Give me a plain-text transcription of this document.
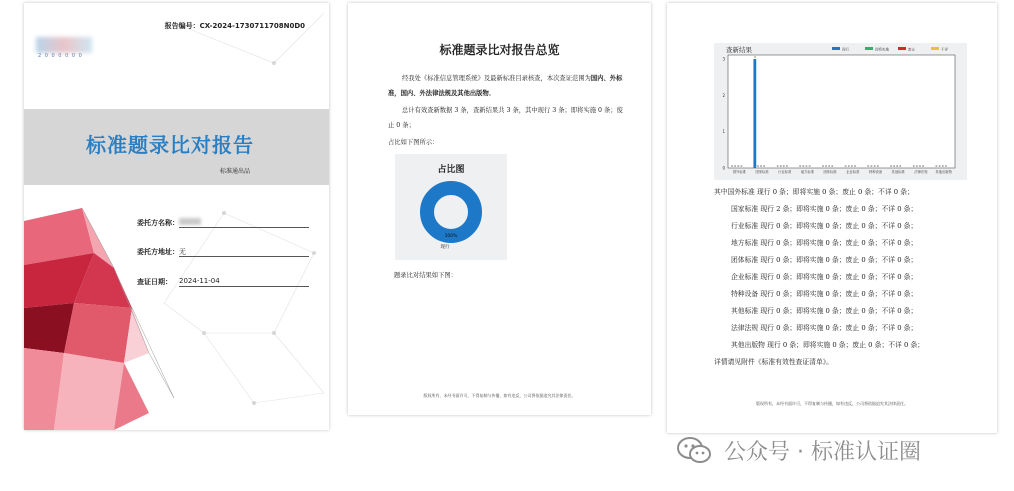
报告编号：CX-2024-1730711708N0D0
2 0 0 0 0 0 0
标准题录比对报告
标准通出品
委托方名称：
委托方地址： 无
查证日期： 2024-11-04
标准题录比对报告总览
经我处《标准信息管理系统》及最新标准目录核查，本次查证范围为国内、外标准，国内、外法律法规及其他出版物。
总计有效查新数据 3 条，查新结果共 3 条，其中现行 3 条；即将实施 0 条；废止 0 条；
占比如下图所示：
占比图
100%
现行
题录比对结果如下图：
版权所有，未经书面许可，不得复制与传播，如有违反，公司将依据追究其法律责任。
查新结果	现行	即将实施	废止	不详
0
1
2
3
0 0 0 0
国外标准
3
0 0 0
国家标准
0 0 0 0
行业标准
0 0 0 0
地方标准
0 0 0 0
团体标准
0 0 0 0
企业标准
0 0 0 0
特种设备
0 0 0 0
其他标准
0 0 0 0
法律法规
0 0 0 0
其他出版物
其中国外标准 现行 0 条；即将实施 0 条；废止 0 条；不详 0 条；
国家标准 现行 2 条；即将实施 0 条；废止 0 条；不详 0 条；
行业标准 现行 0 条；即将实施 0 条；废止 0 条；不详 0 条；
地方标准 现行 0 条；即将实施 0 条；废止 0 条；不详 0 条；
团体标准 现行 0 条；即将实施 0 条；废止 0 条；不详 0 条；
企业标准 现行 0 条；即将实施 0 条；废止 0 条；不详 0 条；
特种设备 现行 0 条；即将实施 0 条；废止 0 条；不详 0 条；
其他标准 现行 0 条；即将实施 0 条；废止 0 条；不详 0 条；
法律法规 现行 0 条；即将实施 0 条；废止 0 条；不详 0 条；
其他出版物 现行 0 条；即将实施 0 条；废止 0 条；不详 0 条；
详情请见附件《标准有效性查证清单》。
版权所有，未经书面许可，不得复制与传播，如有违反，公司将依据追究其法律责任。
公众号 · 标准认证圈
